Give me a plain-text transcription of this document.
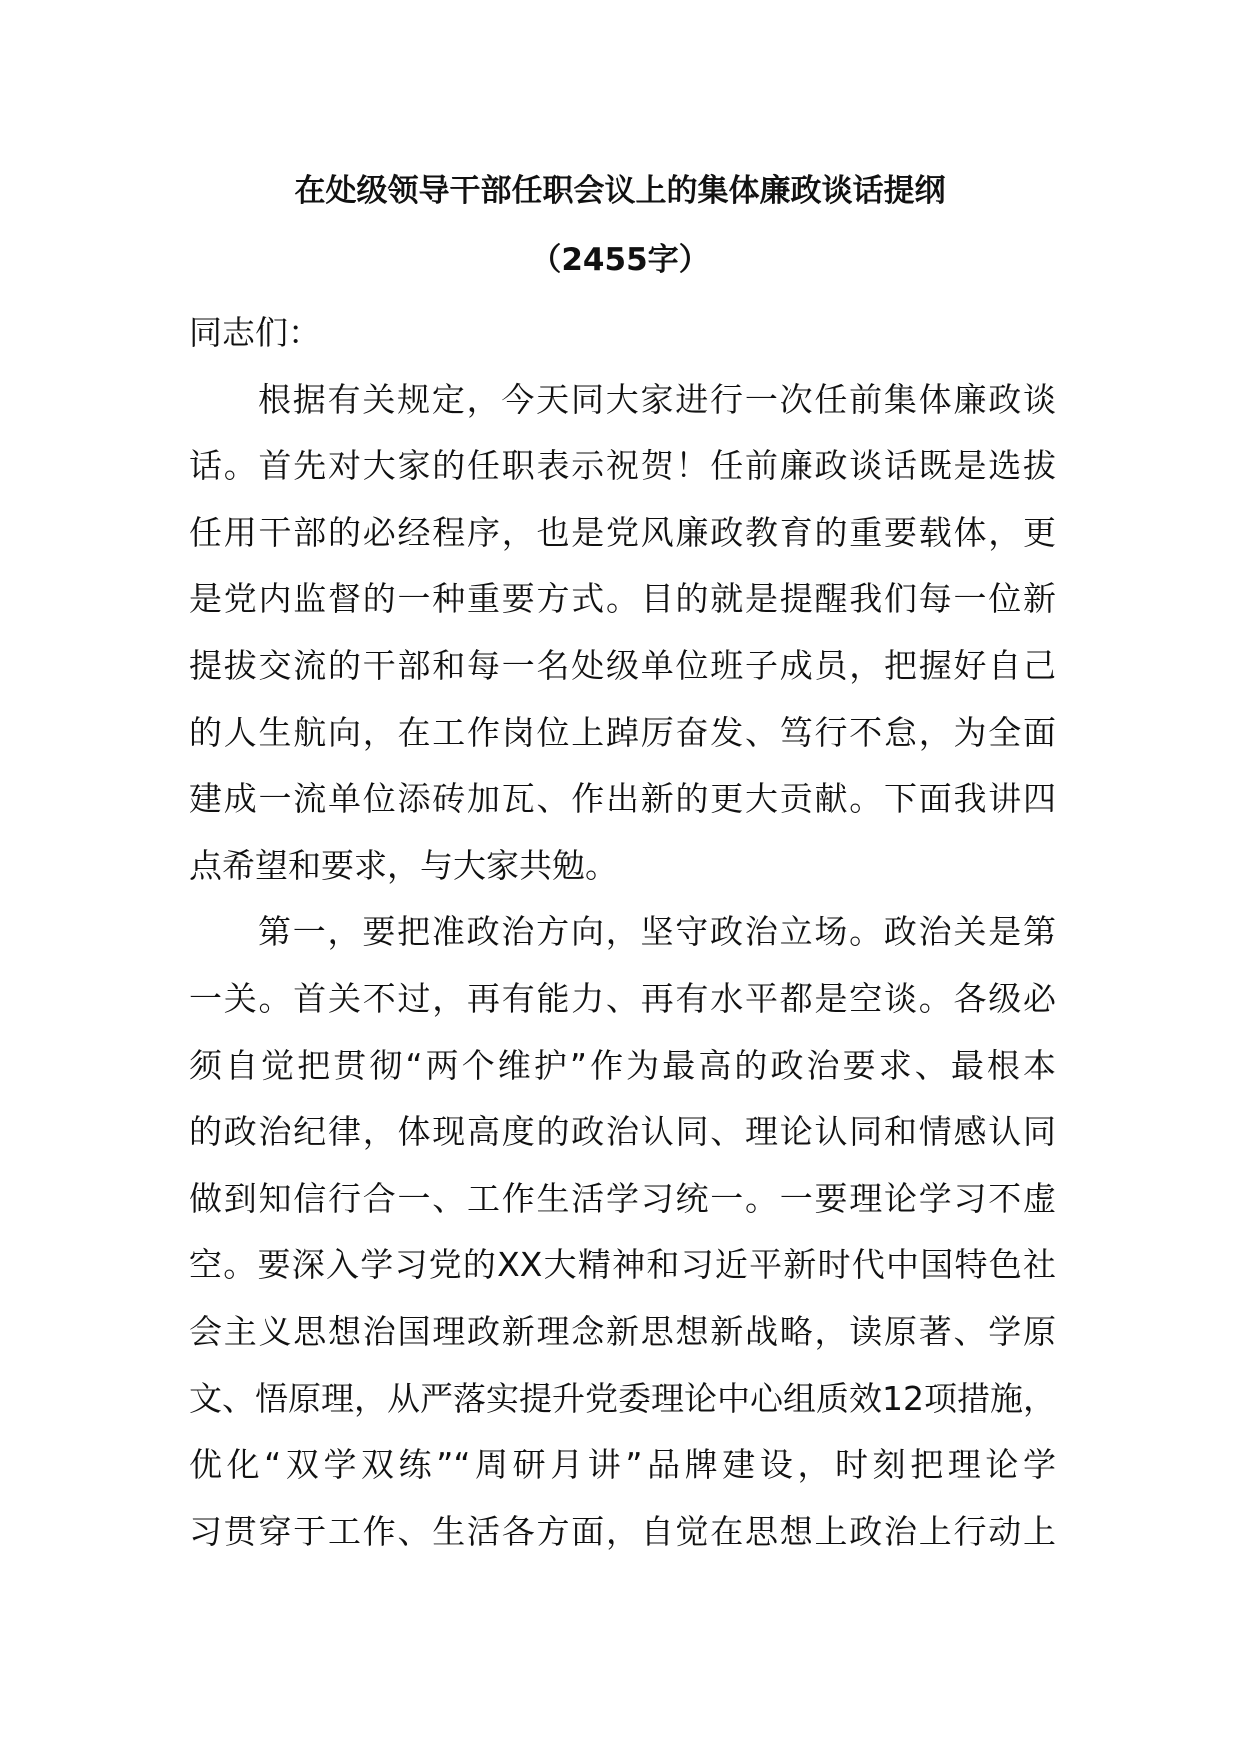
在处级领导干部任职会议上的集体廉政谈话提纲
（2455字）
同志们：
根据有关规定，今天同大家进行一次任前集体廉政谈
话。首先对大家的任职表示祝贺！任前廉政谈话既是选拔
任用干部的必经程序，也是党风廉政教育的重要载体，更
是党内监督的一种重要方式。目的就是提醒我们每一位新
提拔交流的干部和每一名处级单位班子成员，把握好自己
的人生航向，在工作岗位上踔厉奋发、笃行不怠，为全面
建成一流单位添砖加瓦、作出新的更大贡献。下面我讲四
点希望和要求，与大家共勉。
第一，要把准政治方向，坚守政治立场。政治关是第
一关。首关不过，再有能力、再有水平都是空谈。各级必
须自觉把贯彻“两个维护”作为最高的政治要求、最根本
的政治纪律，体现高度的政治认同、理论认同和情感认同
做到知信行合一、工作生活学习统一。一要理论学习不虚
空。要深入学习党的XX大精神和习近平新时代中国特色社
会主义思想治国理政新理念新思想新战略，读原著、学原
文、悟原理，从严落实提升党委理论中心组质效12项措施，
优化“双学双练”“周研月讲”品牌建设，时刻把理论学
习贯穿于工作、生活各方面，自觉在思想上政治上行动上
